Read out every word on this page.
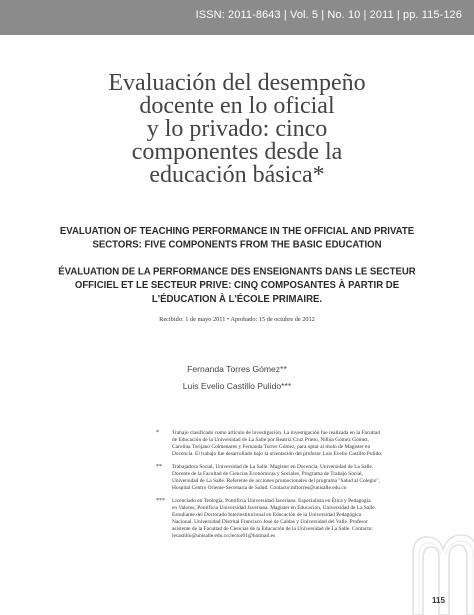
ISSN: 2011-8643 | Vol. 5 | No. 10 | 2011 | pp. 115-126
Evaluación del desempeño
docente en lo oficial
y lo privado: cinco
componentes desde la
educación básica*
EVALUATION OF TEACHING PERFORMANCE IN THE OFFICIAL AND PRIVATE
SECTORS: FIVE COMPONENTS FROM THE BASIC EDUCATION
ÉVALUATION DE LA PERFORMANCE DES ENSEIGNANTS DANS LE SECTEUR
OFFICIEL ET LE SECTEUR PRIVE: CINQ COMPOSANTES À PARTIR DE
L'ÉDUCATION À L'ÉCOLE PRIMAIRE.
Recibido: 1 de mayo 2011 • Aprobado: 15 de octubre de 2012
Fernanda Torres Gómez**
Luis Evelio Castillo Pulido***
* Trabajo clasificado como artículo de investigación. La investigación fue realizada en la Facultad
de Educación de la Universidad de La Salle por Beatriz Cruz Prieto, Nilbia Gómez Gómez,
Carolina Torijano Colmenares y Fernanda Torres Gómez, para optar al título de Magister en
Docencia. El trabajo fue desarrollado bajo la orientación del profesor Luis Evelio Castillo Pulido.
** Trabajadora Social, Universidad de La Salle. Magister en Docencia, Universidad de La Salle.
Docente de la Facultad de Ciencias Económicas y Sociales, Programa de Trabajo Social,
Universidad de La Salle. Referente de acciones promocionales del programa "Salud al Colegio",
Hospital Centro Oriente-Secretaria de Salud. Contacto:mftorres@unisalle.edu.co
*** Licenciado en Teología, Pontificia Universidad Javeriana. Especialista en Ética y Pedagogía
en Valores, Pontificia Universidad Javeriana. Magister en Educación, Universidad de La Salle.
Estudiante del Doctorado Interinstitucional en Educación de la Universidad Pedagógica
Nacional, Universidad Distrital Francisco José de Caldas y Universidad del Valle. Profesor
asistente de la Facultad de Ciencias de la Educación de la Universidad de La Salle. Contacto:
lecastillo@unisalle.edu.co;lector01@hotmail.es
115
